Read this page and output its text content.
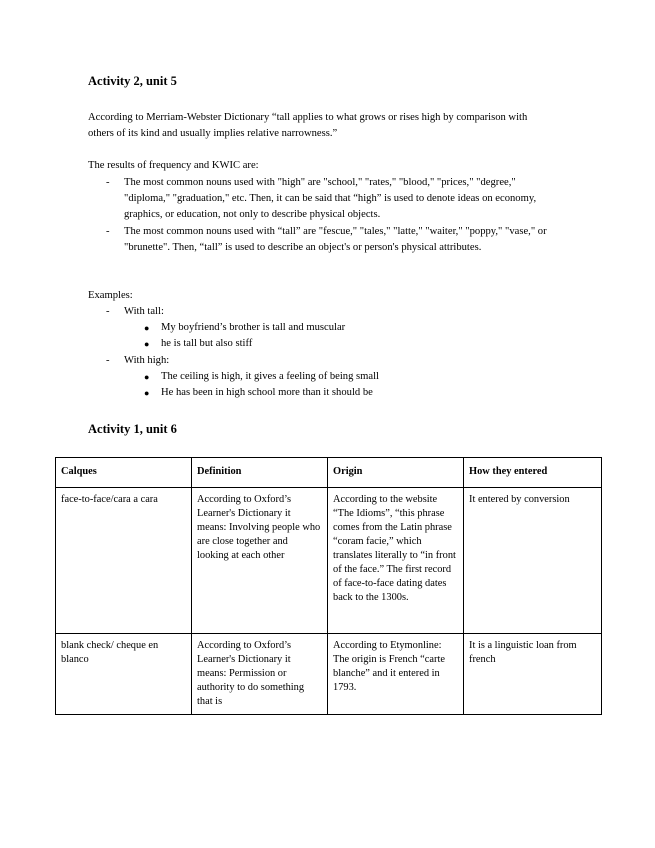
Activity 2, unit 5

According to Merriam-Webster Dictionary “tall applies to what grows or rises high by comparison with others of its kind and usually implies relative narrowness.”

The results of frequency and KWIC are:

- The most common nouns used with "high" are "school," "rates," "blood," "prices," "degree," "diploma," "graduation," etc. Then, it can be said that “high” is used to denote ideas on economy, graphics, or education, not only to describe physical objects.
- The most common nouns used with “tall” are "fescue," "tales," "latte," "waiter," "poppy," "vase," or "brunette". Then, “tall” is used to describe an object's or person's physical attributes.

Examples:

- With tall:
● My boyfriend’s brother is tall and muscular
● he is tall but also stiff
- With high:
● The ceiling is high, it gives a feeling of being small
● He has been in high school more than it should be
Activity 1, unit 6
Calques	Definition	Origin	How they entered
face-to-face/cara a cara	According to Oxford’s Learner's Dictionary it means: Involving people who are close together and looking at each other	According to the website “The Idioms”, “this phrase comes from the Latin phrase “coram facie,” which translates literally to “in front of the face.” The first record of face-to-face dating dates back to the 1300s.	It entered by conversion
blank check/ cheque en blanco	According to Oxford’s Learner's Dictionary it means: Permission or authority to do something that is	According to Etymonline: The origin is French “carte blanche” and it entered in 1793.	It is a linguistic loan from french
